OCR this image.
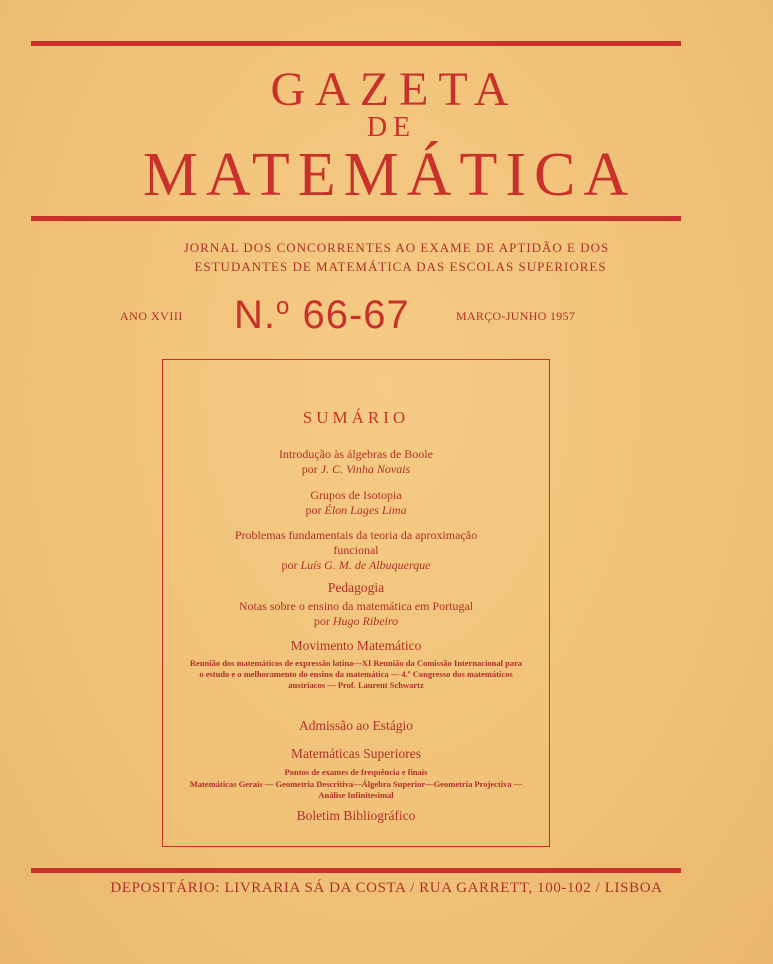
GAZETA
DE
MATEMÁTICA
JORNAL DOS CONCORRENTES AO EXAME DE APTIDÃO E DOS
ESTUDANTES DE MATEMÁTICA DAS ESCOLAS SUPERIORES
ANO XVIII N.$^o$ 66-67	MARÇO-JUNHO 1957
SUMÁRIO
Introdução às álgebras de Boole
por J. C. Vinha Novais
Grupos de Isotopia
por Élon Lages Lima
Problemas fundamentais da teoria da aproximação
funcional
por Luís G. M. de Albuquerque
Pedagogia
Notas sobre o ensino da matemática em Portugal
por Hugo Ribeiro
Movimento Matemático
Reunião dos matemáticos de expressão latina—XI Reunião da Comissão Internacional para o estudo e o melhoramento do ensino da matemática — 4.º Congresso dos matemáticos austríacos — Prof. Laurent Schwartz
Admissão ao Estágio
Matemáticas Superiores
Pontos de exames de frequência e finais
Matemáticas Gerais — Geometria Descritiva—Álgebra Superior—Geometria Projectiva — Análise Infinitesimal
Boletim Bibliográfico
DEPOSITÁRIO: LIVRARIA SÁ DA COSTA / RUA GARRETT, 100-102 / LISBOA
